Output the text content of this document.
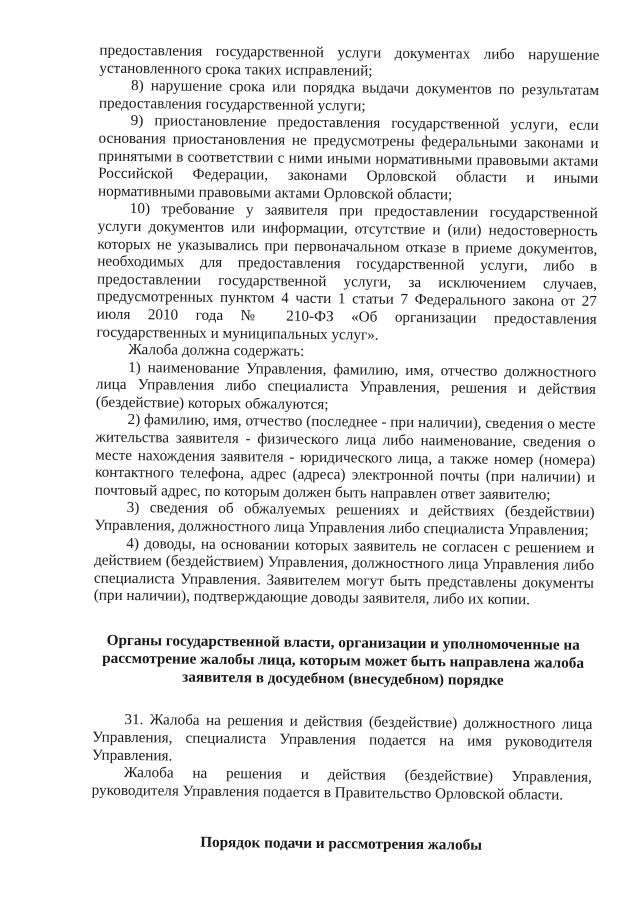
предоставления государственной услуги документах либо нарушение установленного срока таких исправлений;

8) нарушение срока или порядка выдачи документов по результатам предоставления государственной услуги;

9) приостановление предоставления государственной услуги, если основания приостановления не предусмотрены федеральными законами и принятыми в соответствии с ними иными нормативными правовыми актами Российской Федерации, законами Орловской области и иными нормативными правовыми актами Орловской области;

10) требование у заявителя при предоставлении государственной услуги документов или информации, отсутствие и (или) недостоверность которых не указывались при первоначальном отказе в приеме документов, необходимых для предоставления государственной услуги, либо в предоставлении государственной услуги, за исключением случаев, предусмотренных пунктом 4 части 1 статьи 7 Федерального закона от 27 июля 2010 года № 210-ФЗ «Об организации предоставления государственных и муниципальных услуг».

Жалоба должна содержать:

1) наименование Управления, фамилию, имя, отчество должностного лица Управления либо специалиста Управления, решения и действия (бездействие) которых обжалуются;

2) фамилию, имя, отчество (последнее - при наличии), сведения о месте жительства заявителя - физического лица либо наименование, сведения о месте нахождения заявителя - юридического лица, а также номер (номера) контактного телефона, адрес (адреса) электронной почты (при наличии) и почтовый адрес, по которым должен быть направлен ответ заявителю;

3) сведения об обжалуемых решениях и действиях (бездействии) Управления, должностного лица Управления либо специалиста Управления;

4) доводы, на основании которых заявитель не согласен с решением и действием (бездействием) Управления, должностного лица Управления либо специалиста Управления. Заявителем могут быть представлены документы (при наличии), подтверждающие доводы заявителя, либо их копии.

Органы государственной власти, организации и уполномоченные на рассмотрение жалобы лица, которым может быть направлена жалоба заявителя в досудебном (внесудебном) порядке

31. Жалоба на решения и действия (бездействие) должностного лица Управления, специалиста Управления подается на имя руководителя Управления.

Жалоба на решения и действия (бездействие) Управления, руководителя Управления подается в Правительство Орловской области.

Порядок подачи и рассмотрения жалобы
